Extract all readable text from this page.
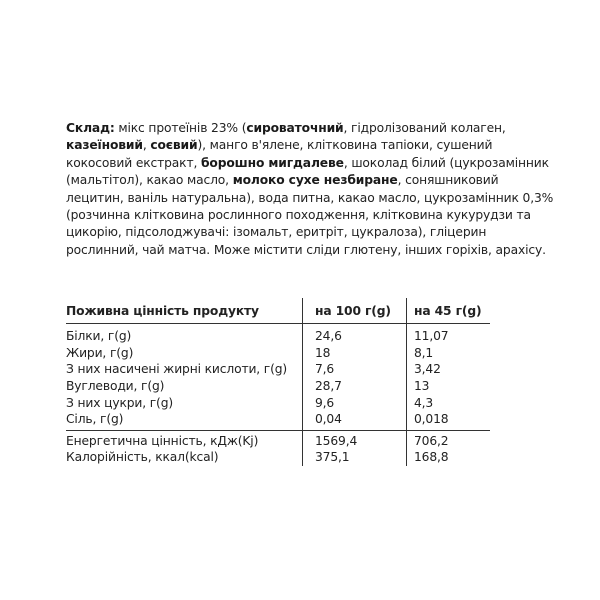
Склад: мікс протеїнів 23% (сироваточний, гідролізований колаген, казеїновий, соєвий), манго в'ялене, клітковина тапіоки, сушений кокосовий екстракт, борошно мигдалеве, шоколад білий (цукрозамінник (мальтітол), какао масло, молоко сухе незбиране, соняшниковий лецитин, ваніль натуральна), вода питна, какао масло, цукрозамінник 0,3% (розчинна клітковина рослинного походження, клітковина кукурудзи та цикорію, підсолоджувачі: ізомальт, еритріт, цукралоза), гліцерин рослинний, чай матча. Може містити сліди глютену, інших горіхів, арахісу.
Поживна цінність продукту	на 100 г(g)	на 45 г(g)
Білки, г(g)	24,6	11,07
Жири, г(g)	18	8,1
З них насичені жирні кислоти, г(g)	7,6	3,42
Вуглеводи, г(g)	28,7	13
З них цукри, г(g)	9,6	4,3
Сіль, г(g)	0,04	0,018
Енергетична цінність, кДж(Kj)	1569,4	706,2
Калорійність, ккал(kcal)	375,1	168,8
